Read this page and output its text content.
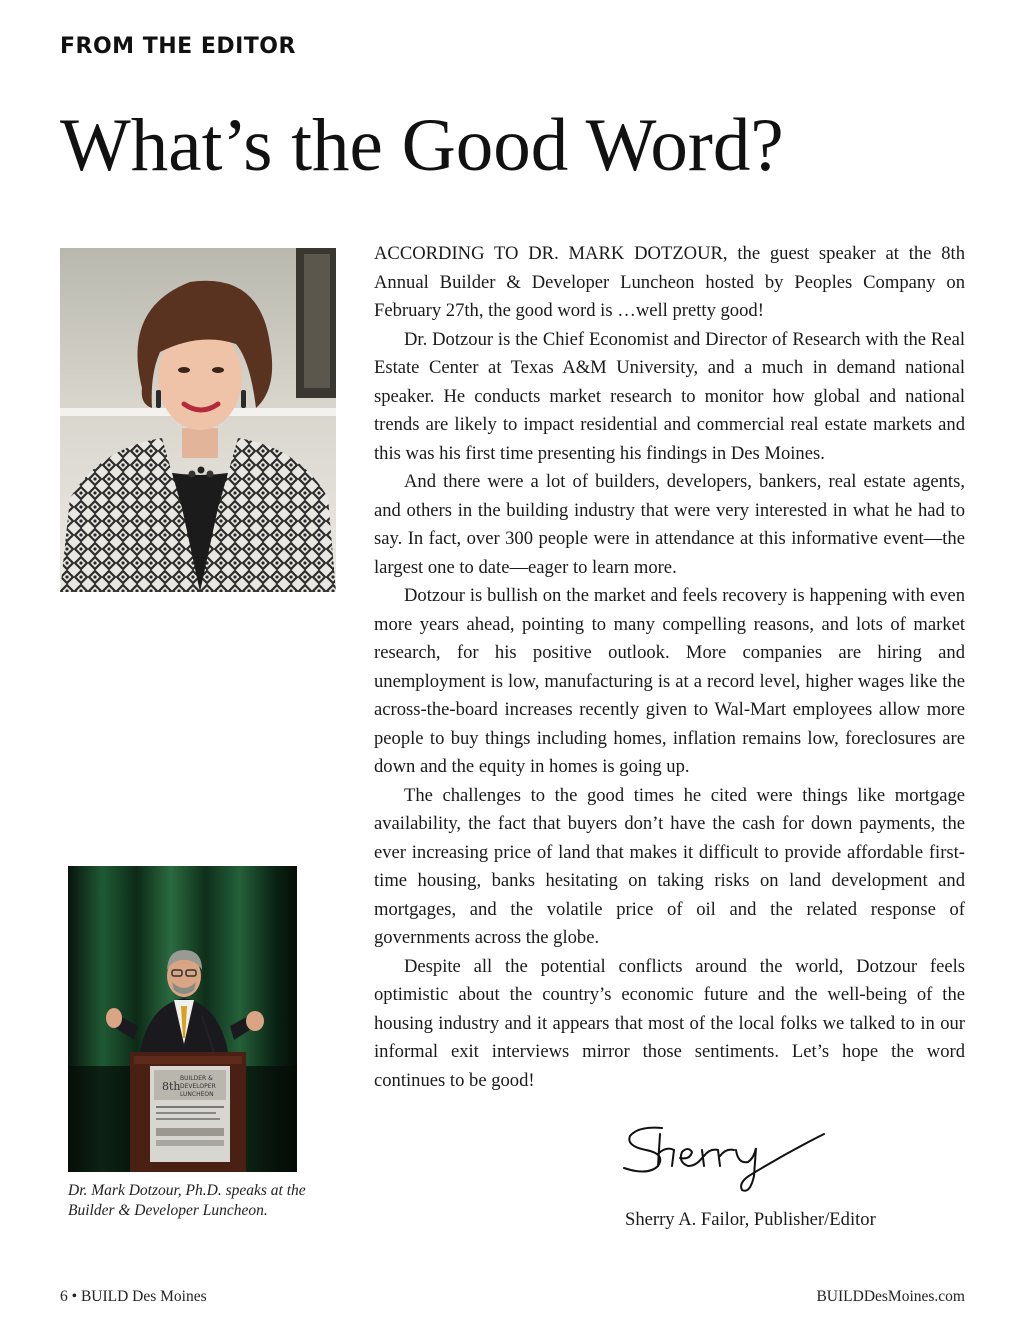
FROM THE EDITOR
What’s the Good Word?

ACCORDING TO DR. MARK DOTZOUR, the guest speaker at the 8th Annual Builder & Developer Luncheon hosted by Peoples Company on February 27th, the good word is …well pretty good!

Dr. Dotzour is the Chief Economist and Director of Research with the Real Estate Center at Texas A&M University, and a much in demand national speaker. He conducts market research to monitor how global and national trends are likely to impact residential and commercial real estate markets and this was his first time presenting his findings in Des Moines.

And there were a lot of builders, developers, bankers, real estate agents, and others in the building industry that were very interested in what he had to say. In fact, over 300 people were in attendance at this informative event—the largest one to date—eager to learn more.

Dotzour is bullish on the market and feels recovery is happening with even more years ahead, pointing to many compelling reasons, and lots of market research, for his positive outlook. More companies are hiring and unemployment is low, manufacturing is at a record level, higher wages like the across-the-board increases recently given to Wal-Mart employees allow more people to buy things including homes, inflation remains low, foreclosures are down and the equity in homes is going up.

The challenges to the good times he cited were things like mortgage availability, the fact that buyers don’t have the cash for down payments, the ever increasing price of land that makes it difficult to provide affordable first-time housing, banks hesitating on taking risks on land development and mortgages, and the volatile price of oil and the related response of governments across the globe.

Despite all the potential conflicts around the world, Dotzour feels optimistic about the country’s economic future and the well-being of the housing industry and it appears that most of the local folks we talked to in our informal exit interviews mirror those sentiments. Let’s hope the word continues to be good!

8th
BUILDER &
DEVELOPER
LUNCHEON
Dr. Mark Dotzour, Ph.D. speaks at the Builder & Developer Luncheon.	Sherry A. Failor, Publisher/Editor
6 • BUILD Des Moines	BUILDDesMoines.com
